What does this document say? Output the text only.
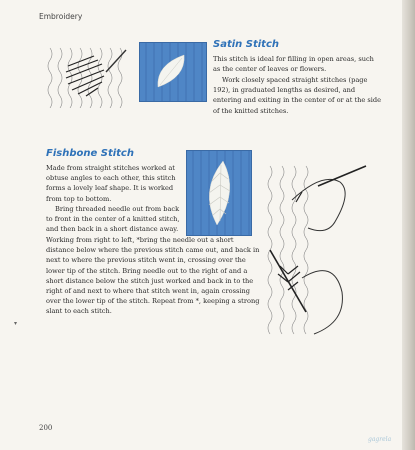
Embroidery
Satin Stitch

This stitch is ideal for filling in open areas, such as the center of leaves or flowers.

Work closely spaced straight stitches (page 192), in graduated lengths as desired, and entering and exiting in the center of or at the side of the knitted stitches.

Fishbone Stitch

Made from straight stitches worked at obtuse angles to each other, this stitch forms a lovely leaf shape. It is worked from top to bottom.

Bring threaded needle out from back to front in the center of a knitted stitch, and then back in a short distance away.

Working from right to left, *bring the needle out a short distance below where the previous stitch came out, and back in next to where the previous stitch went in, crossing over the lower tip of the stitch. Bring needle out to the right of and a short distance below the stitch just worked and back in to the right of and next to where that stitch went in, again crossing over the lower tip of the stitch. Repeat from *, keeping a strong slant to each stitch.

▾
200
gagrela
